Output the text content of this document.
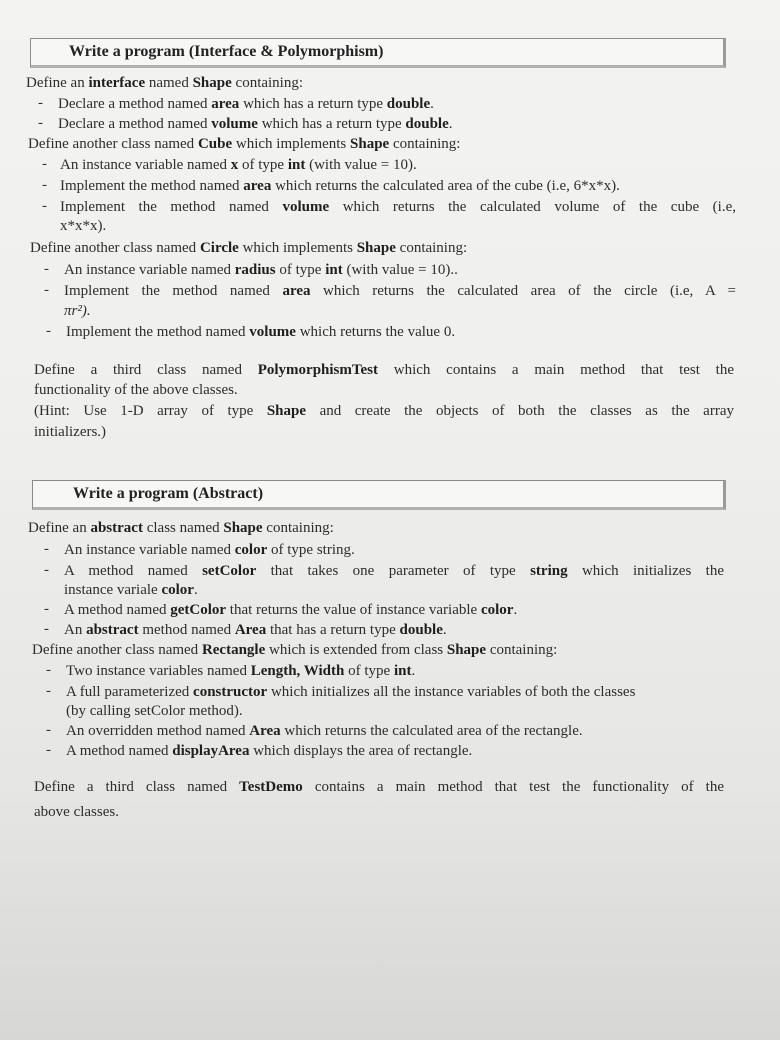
Write a program (Interface & Polymorphism)
Define an interface named Shape containing:
- Declare a method named area which has a return type double.
- Declare a method named volume which has a return type double.
Define another class named Cube which implements Shape containing:
- An instance variable named x of type int (with value = 10).
- Implement the method named area which returns the calculated area of the cube (i.e, 6*x*x).
- Implement the method named volume which returns the calculated volume of the cube (i.e,
x*x*x).
Define another class named Circle which implements Shape containing:
- An instance variable named radius of type int (with value = 10)..
- Implement the method named area which returns the calculated area of the circle (i.e, A =
πr²).
- Implement the method named volume which returns the value 0.
Define a third class named PolymorphismTest which contains a main method that test the
functionality of the above classes.
(Hint: Use 1-D array of type Shape and create the objects of both the classes as the array
initializers.)
Write a program (Abstract)
Define an abstract class named Shape containing:
- An instance variable named color of type string.
- A method named setColor that takes one parameter of type string which initializes the
instance variale color.
- A method named getColor that returns the value of instance variable color.
- An abstract method named Area that has a return type double.
Define another class named Rectangle which is extended from class Shape containing:
- Two instance variables named Length, Width of type int.
- A full parameterized constructor which initializes all the instance variables of both the classes
(by calling setColor method).
- An overridden method named Area which returns the calculated area of the rectangle.
- A method named displayArea which displays the area of rectangle.
Define a third class named TestDemo contains a main method that test the functionality of the
above classes.
